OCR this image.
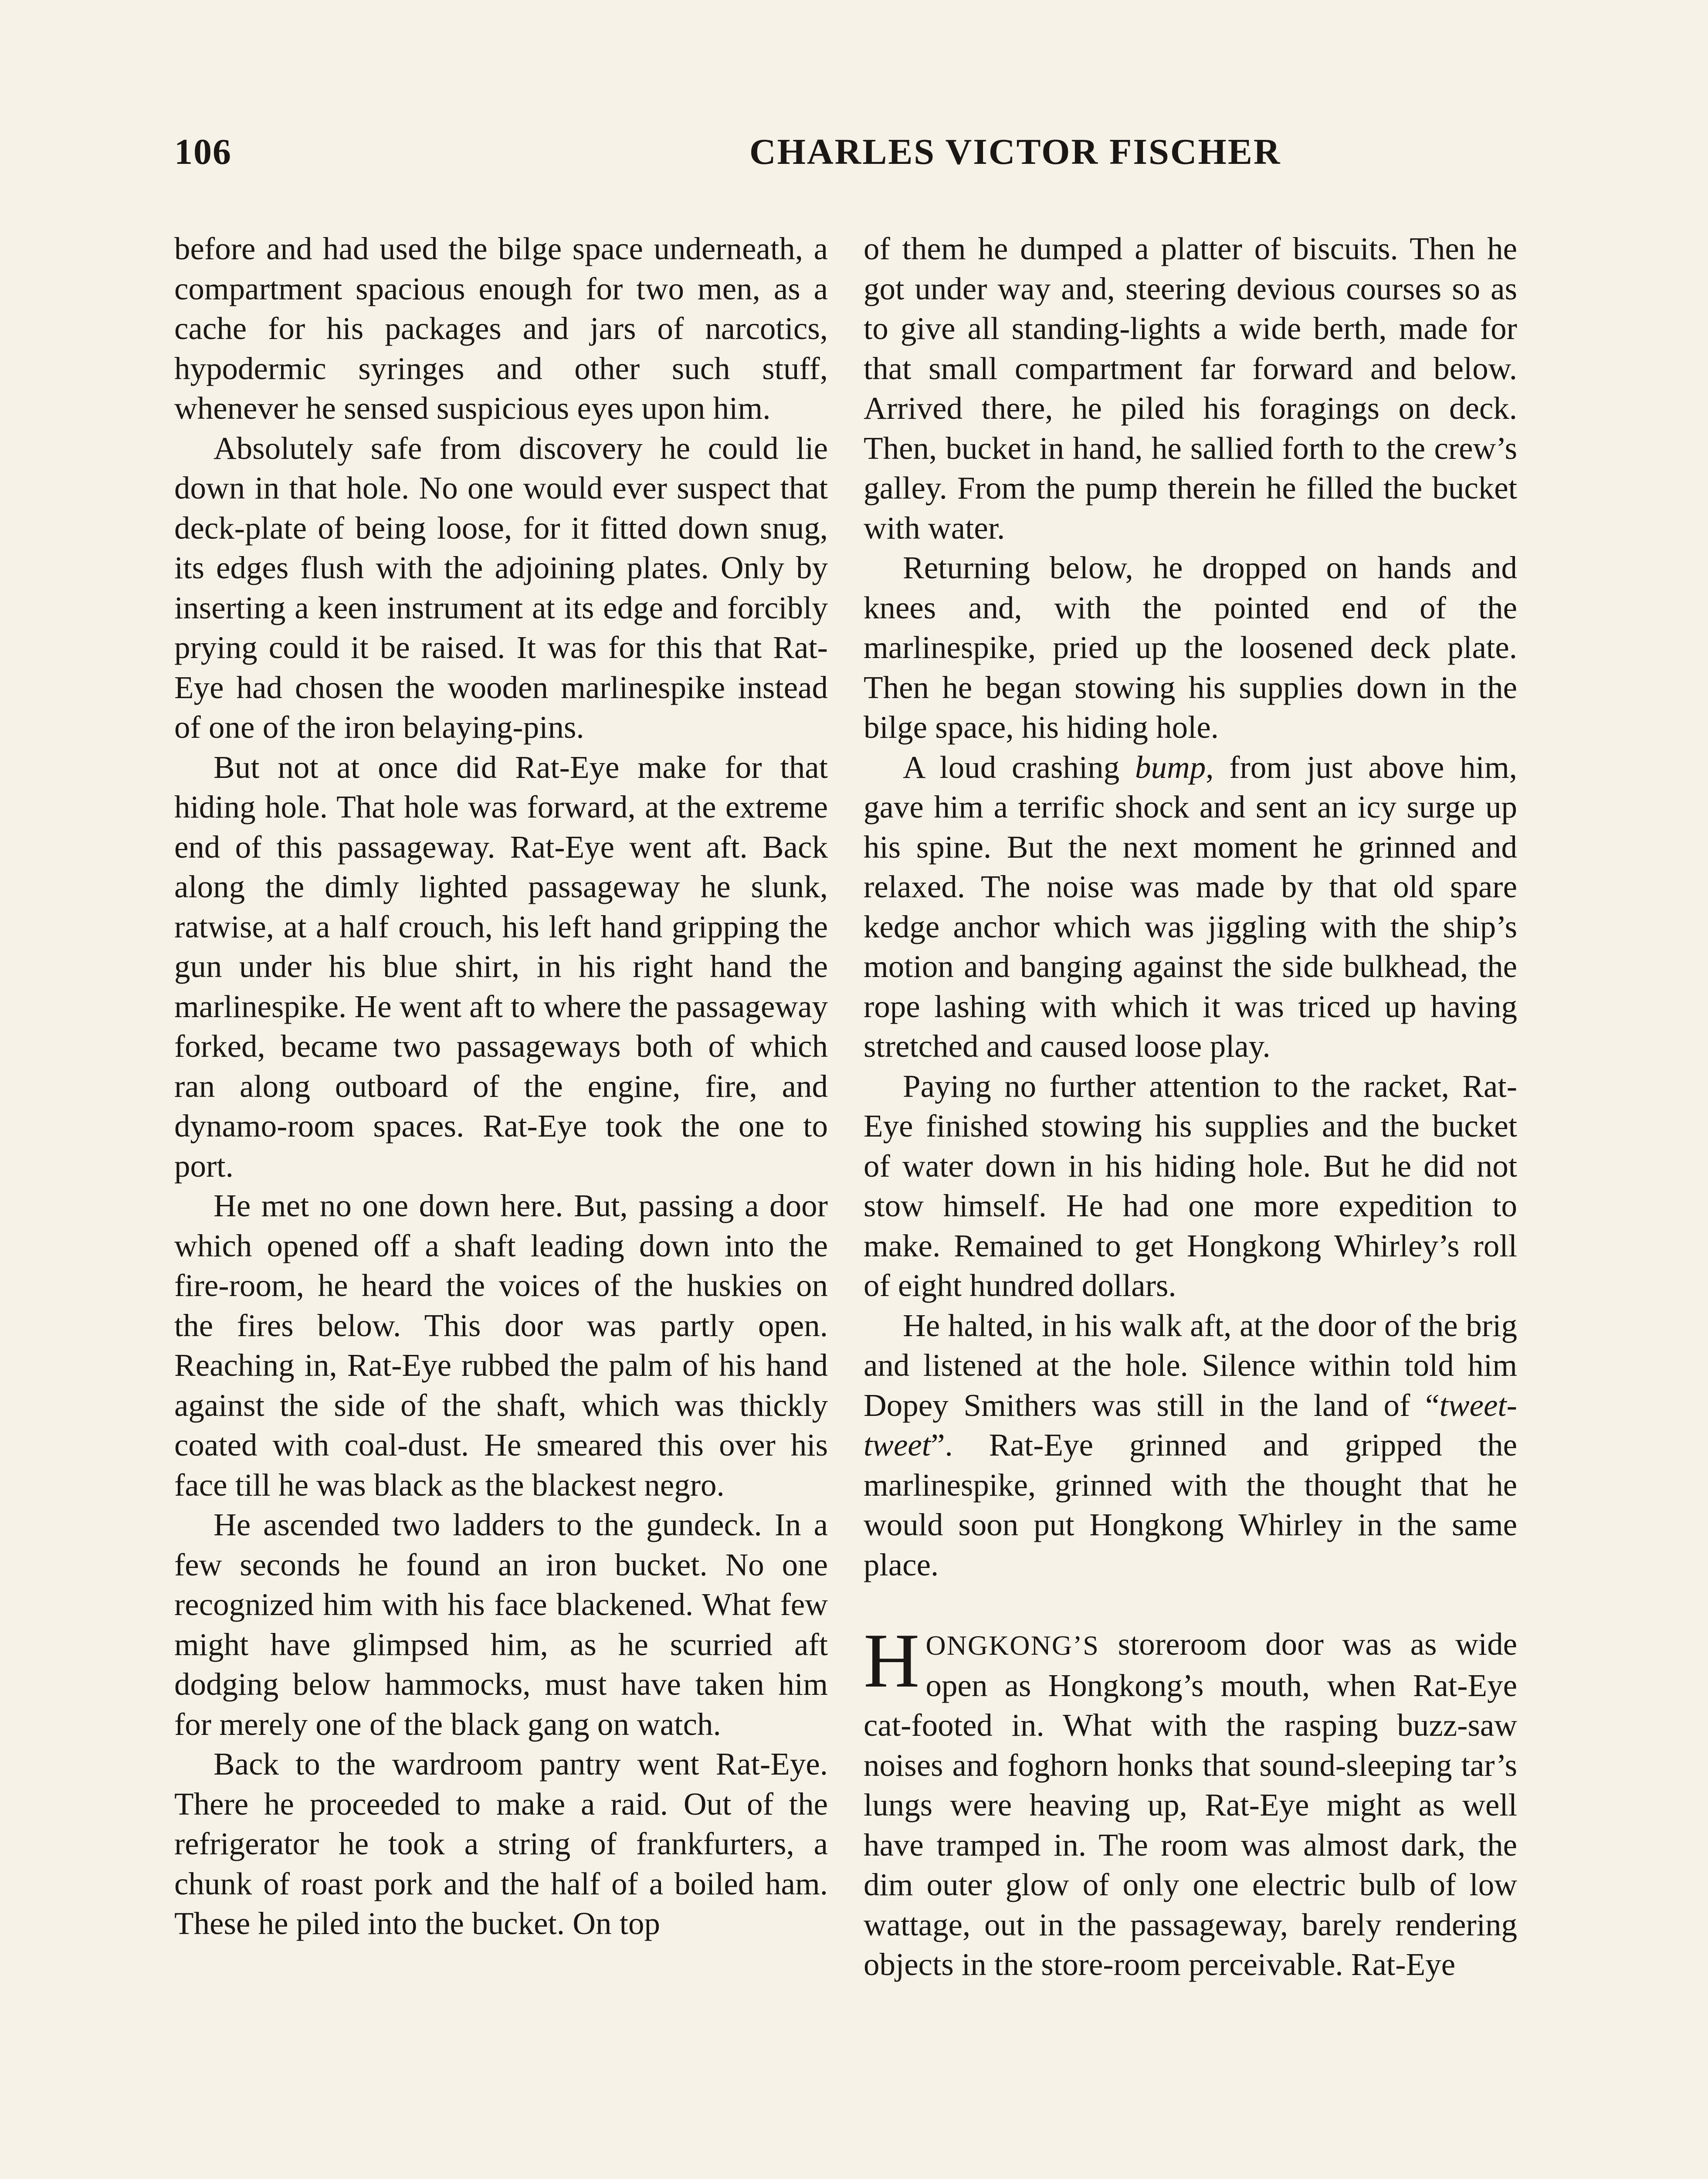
106	CHARLES VICTOR FISCHER

before and had used the bilge space underneath, a compartment spacious enough for two men, as a cache for his packages and jars of narcotics, hypodermic syringes and other such stuff, whenever he sensed suspicious eyes upon him.

Absolutely safe from discovery he could lie down in that hole. No one would ever suspect that deck-plate of being loose, for it fitted down snug, its edges flush with the adjoining plates. Only by inserting a keen instrument at its edge and forcibly prying could it be raised. It was for this that Rat-Eye had chosen the wooden marlinespike instead of one of the iron belaying-pins.

But not at once did Rat-Eye make for that hiding hole. That hole was forward, at the extreme end of this passageway. Rat-Eye went aft. Back along the dimly lighted passageway he slunk, ratwise, at a half crouch, his left hand gripping the gun under his blue shirt, in his right hand the marlinespike. He went aft to where the passageway forked, became two passageways both of which ran along outboard of the engine, fire, and dynamo-room spaces. Rat-Eye took the one to port.

He met no one down here. But, passing a door which opened off a shaft leading down into the fire-room, he heard the voices of the huskies on the fires below. This door was partly open. Reaching in, Rat-Eye rubbed the palm of his hand against the side of the shaft, which was thickly coated with coal-dust. He smeared this over his face till he was black as the blackest negro.

He ascended two ladders to the gundeck. In a few seconds he found an iron bucket. No one recognized him with his face blackened. What few might have glimpsed him, as he scurried aft dodging below hammocks, must have taken him for merely one of the black gang on watch.

Back to the wardroom pantry went Rat-Eye. There he proceeded to make a raid. Out of the refrigerator he took a string of frankfurters, a chunk of roast pork and the half of a boiled ham. These he piled into the bucket. On top

of them he dumped a platter of biscuits. Then he got under way and, steering devious courses so as to give all standing-lights a wide berth, made for that small compartment far forward and below. Arrived there, he piled his foragings on deck. Then, bucket in hand, he sallied forth to the crew’s galley. From the pump therein he filled the bucket with water.

Returning below, he dropped on hands and knees and, with the pointed end of the marlinespike, pried up the loosened deck plate. Then he began stowing his supplies down in the bilge space, his hiding hole.

A loud crashing bump, from just above him, gave him a terrific shock and sent an icy surge up his spine. But the next moment he grinned and relaxed. The noise was made by that old spare kedge anchor which was jiggling with the ship’s motion and banging against the side bulkhead, the rope lashing with which it was triced up having stretched and caused loose play.

Paying no further attention to the racket, Rat-Eye finished stowing his supplies and the bucket of water down in his hiding hole. But he did not stow himself. He had one more expedition to make. Remained to get Hongkong Whirley’s roll of eight hundred dollars.

He halted, in his walk aft, at the door of the brig and listened at the hole. Silence within told him Dopey Smithers was still in the land of “tweet-tweet”. Rat-Eye grinned and gripped the marlinespike, grinned with the thought that he would soon put Hongkong Whirley in the same place.

HONGKONG’S storeroom door was as wide open as Hongkong’s mouth, when Rat-Eye cat-footed in. What with the rasping buzz-saw noises and foghorn honks that sound-sleeping tar’s lungs were heaving up, Rat-Eye might as well have tramped in. The room was almost dark, the dim outer glow of only one electric bulb of low wattage, out in the passageway, barely rendering objects in the store-room perceivable. Rat-Eye
